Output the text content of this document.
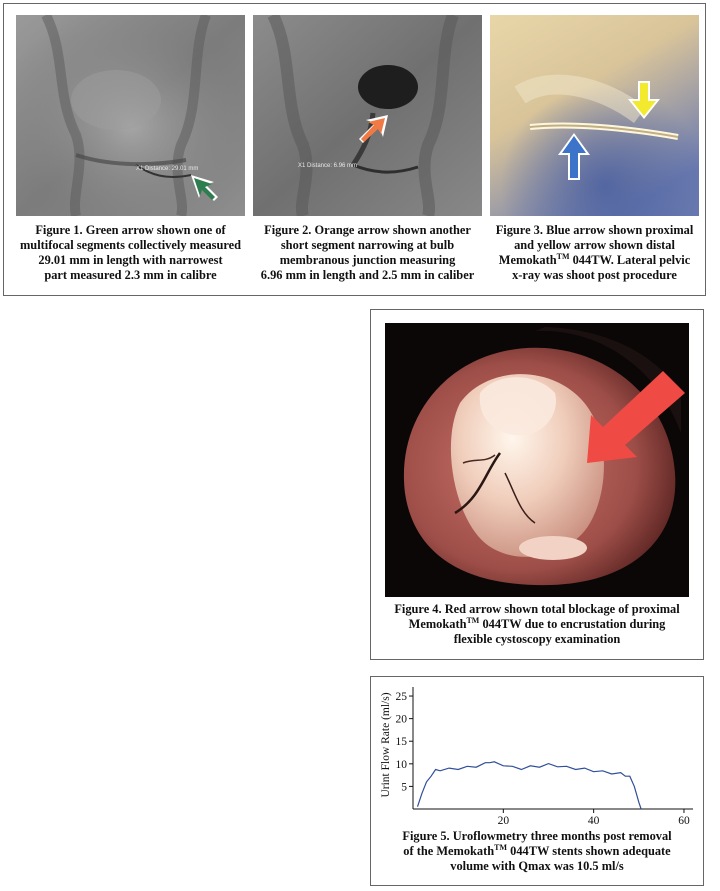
X1 Distance: 29.01 mm
Figure 1. Green arrow shown one of
multifocal segments collectively measured
29.01 mm in length with narrowest
part measured 2.3 mm in calibre
X1 Distance: 6.96 mm
Figure 2. Orange arrow shown another
short segment narrowing at bulb
membranous junction measuring
6.96 mm in length and 2.5 mm in caliber
Figure 3. Blue arrow shown proximal
and yellow arrow shown distal
Memokath™ 044TW. Lateral pelvic
x-ray was shoot post procedure
Figure 4. Red arrow shown total blockage of proximal
Memokath™ 044TW due to encrustation during
flexible cystoscopy examination
Urint Flow Rate (ml/s) 5
10
15
20
25
20	40	60
Figure 5. Uroflowmetry three months post removal
of the Memokath™ 044TW stents shown adequate
volume with Qmax was 10.5 ml/s
